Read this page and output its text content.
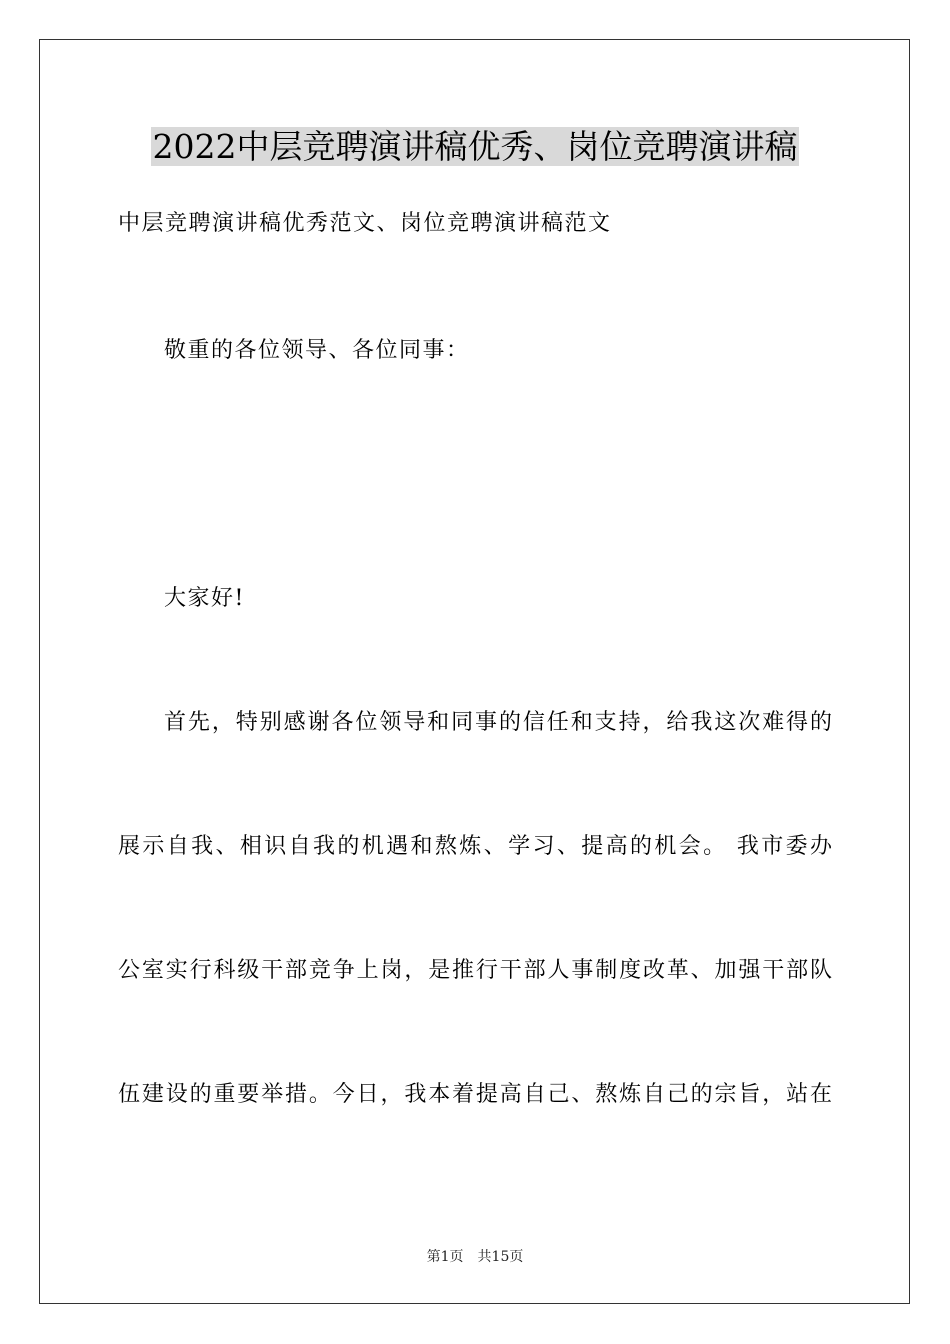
2022中层竞聘演讲稿优秀、岗位竞聘演讲稿
中层竞聘演讲稿优秀范文、岗位竞聘演讲稿范文
敬重的各位领导、各位同事：
大家好!
首先，特别感谢各位领导和同事的信任和支持，给我这次难得的
展示自我、相识自我的机遇和熬炼、学习、提高的机会。 我市委办
公室实行科级干部竞争上岗，是推行干部人事制度改革、加强干部队
伍建设的重要举措。今日，我本着提高自己、熬炼自己的宗旨，站在
第1页 共15页
